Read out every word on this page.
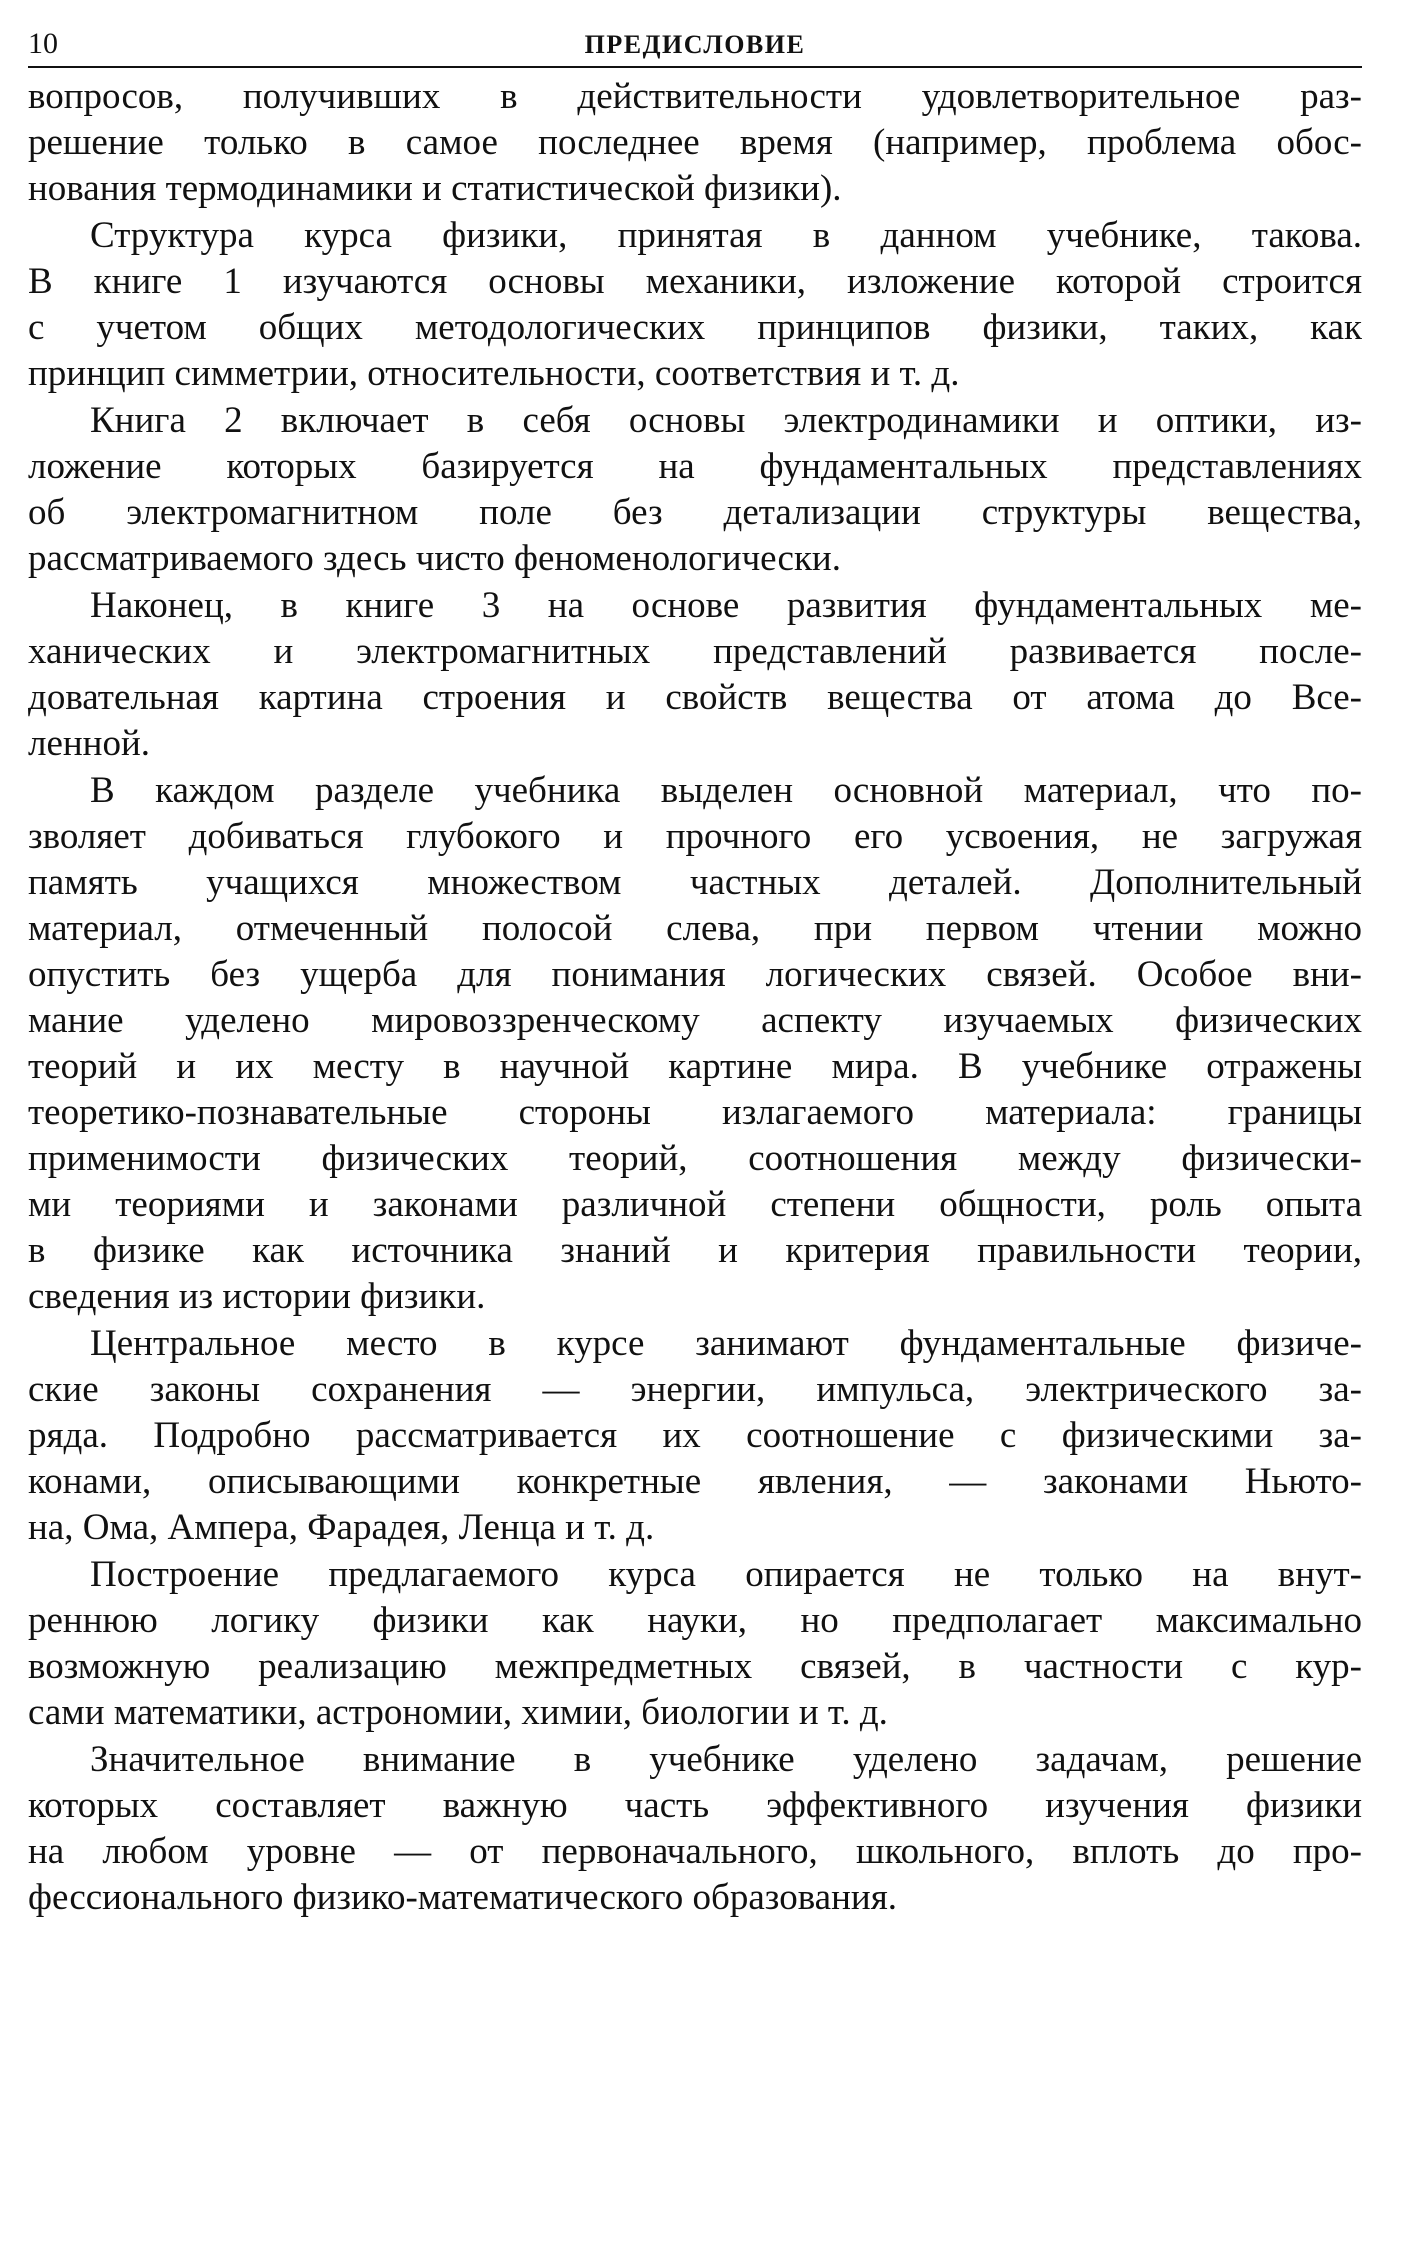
10	ПРЕДИСЛОВИЕ
вопросов, получивших в действительности удовлетворительное раз-
решение только в самое последнее время (например, проблема обос-
нования термодинамики и статистической физики).
Структура курса физики, принятая в данном учебнике, такова.
В книге 1 изучаются основы механики, изложение которой строится
с учетом общих методологических принципов физики, таких, как
принцип симметрии, относительности, соответствия и т. д.
Книга 2 включает в себя основы электродинамики и оптики, из-
ложение которых базируется на фундаментальных представлениях
об электромагнитном поле без детализации структуры вещества,
рассматриваемого здесь чисто феноменологически.
Наконец, в книге 3 на основе развития фундаментальных ме-
ханических и электромагнитных представлений развивается после-
довательная картина строения и свойств вещества от атома до Все-
ленной.
В каждом разделе учебника выделен основной материал, что по-
зволяет добиваться глубокого и прочного его усвоения, не загружая
память учащихся множеством частных деталей. Дополнительный
материал, отмеченный полосой слева, при первом чтении можно
опустить без ущерба для понимания логических связей. Особое вни-
мание уделено мировоззренческому аспекту изучаемых физических
теорий и их месту в научной картине мира. В учебнике отражены
теоретико-познавательные стороны излагаемого материала: границы
применимости физических теорий, соотношения между физически-
ми теориями и законами различной степени общности, роль опыта
в физике как источника знаний и критерия правильности теории,
сведения из истории физики.
Центральное место в курсе занимают фундаментальные физиче-
ские законы сохранения — энергии, импульса, электрического за-
ряда. Подробно рассматривается их соотношение с физическими за-
конами, описывающими конкретные явления, — законами Ньюто-
на, Ома, Ампера, Фарадея, Ленца и т. д.
Построение предлагаемого курса опирается не только на внут-
реннюю логику физики как науки, но предполагает максимально
возможную реализацию межпредметных связей, в частности с кур-
сами математики, астрономии, химии, биологии и т. д.
Значительное внимание в учебнике уделено задачам, решение
которых составляет важную часть эффективного изучения физики
на любом уровне — от первоначального, школьного, вплоть до про-
фессионального физико-математического образования.
